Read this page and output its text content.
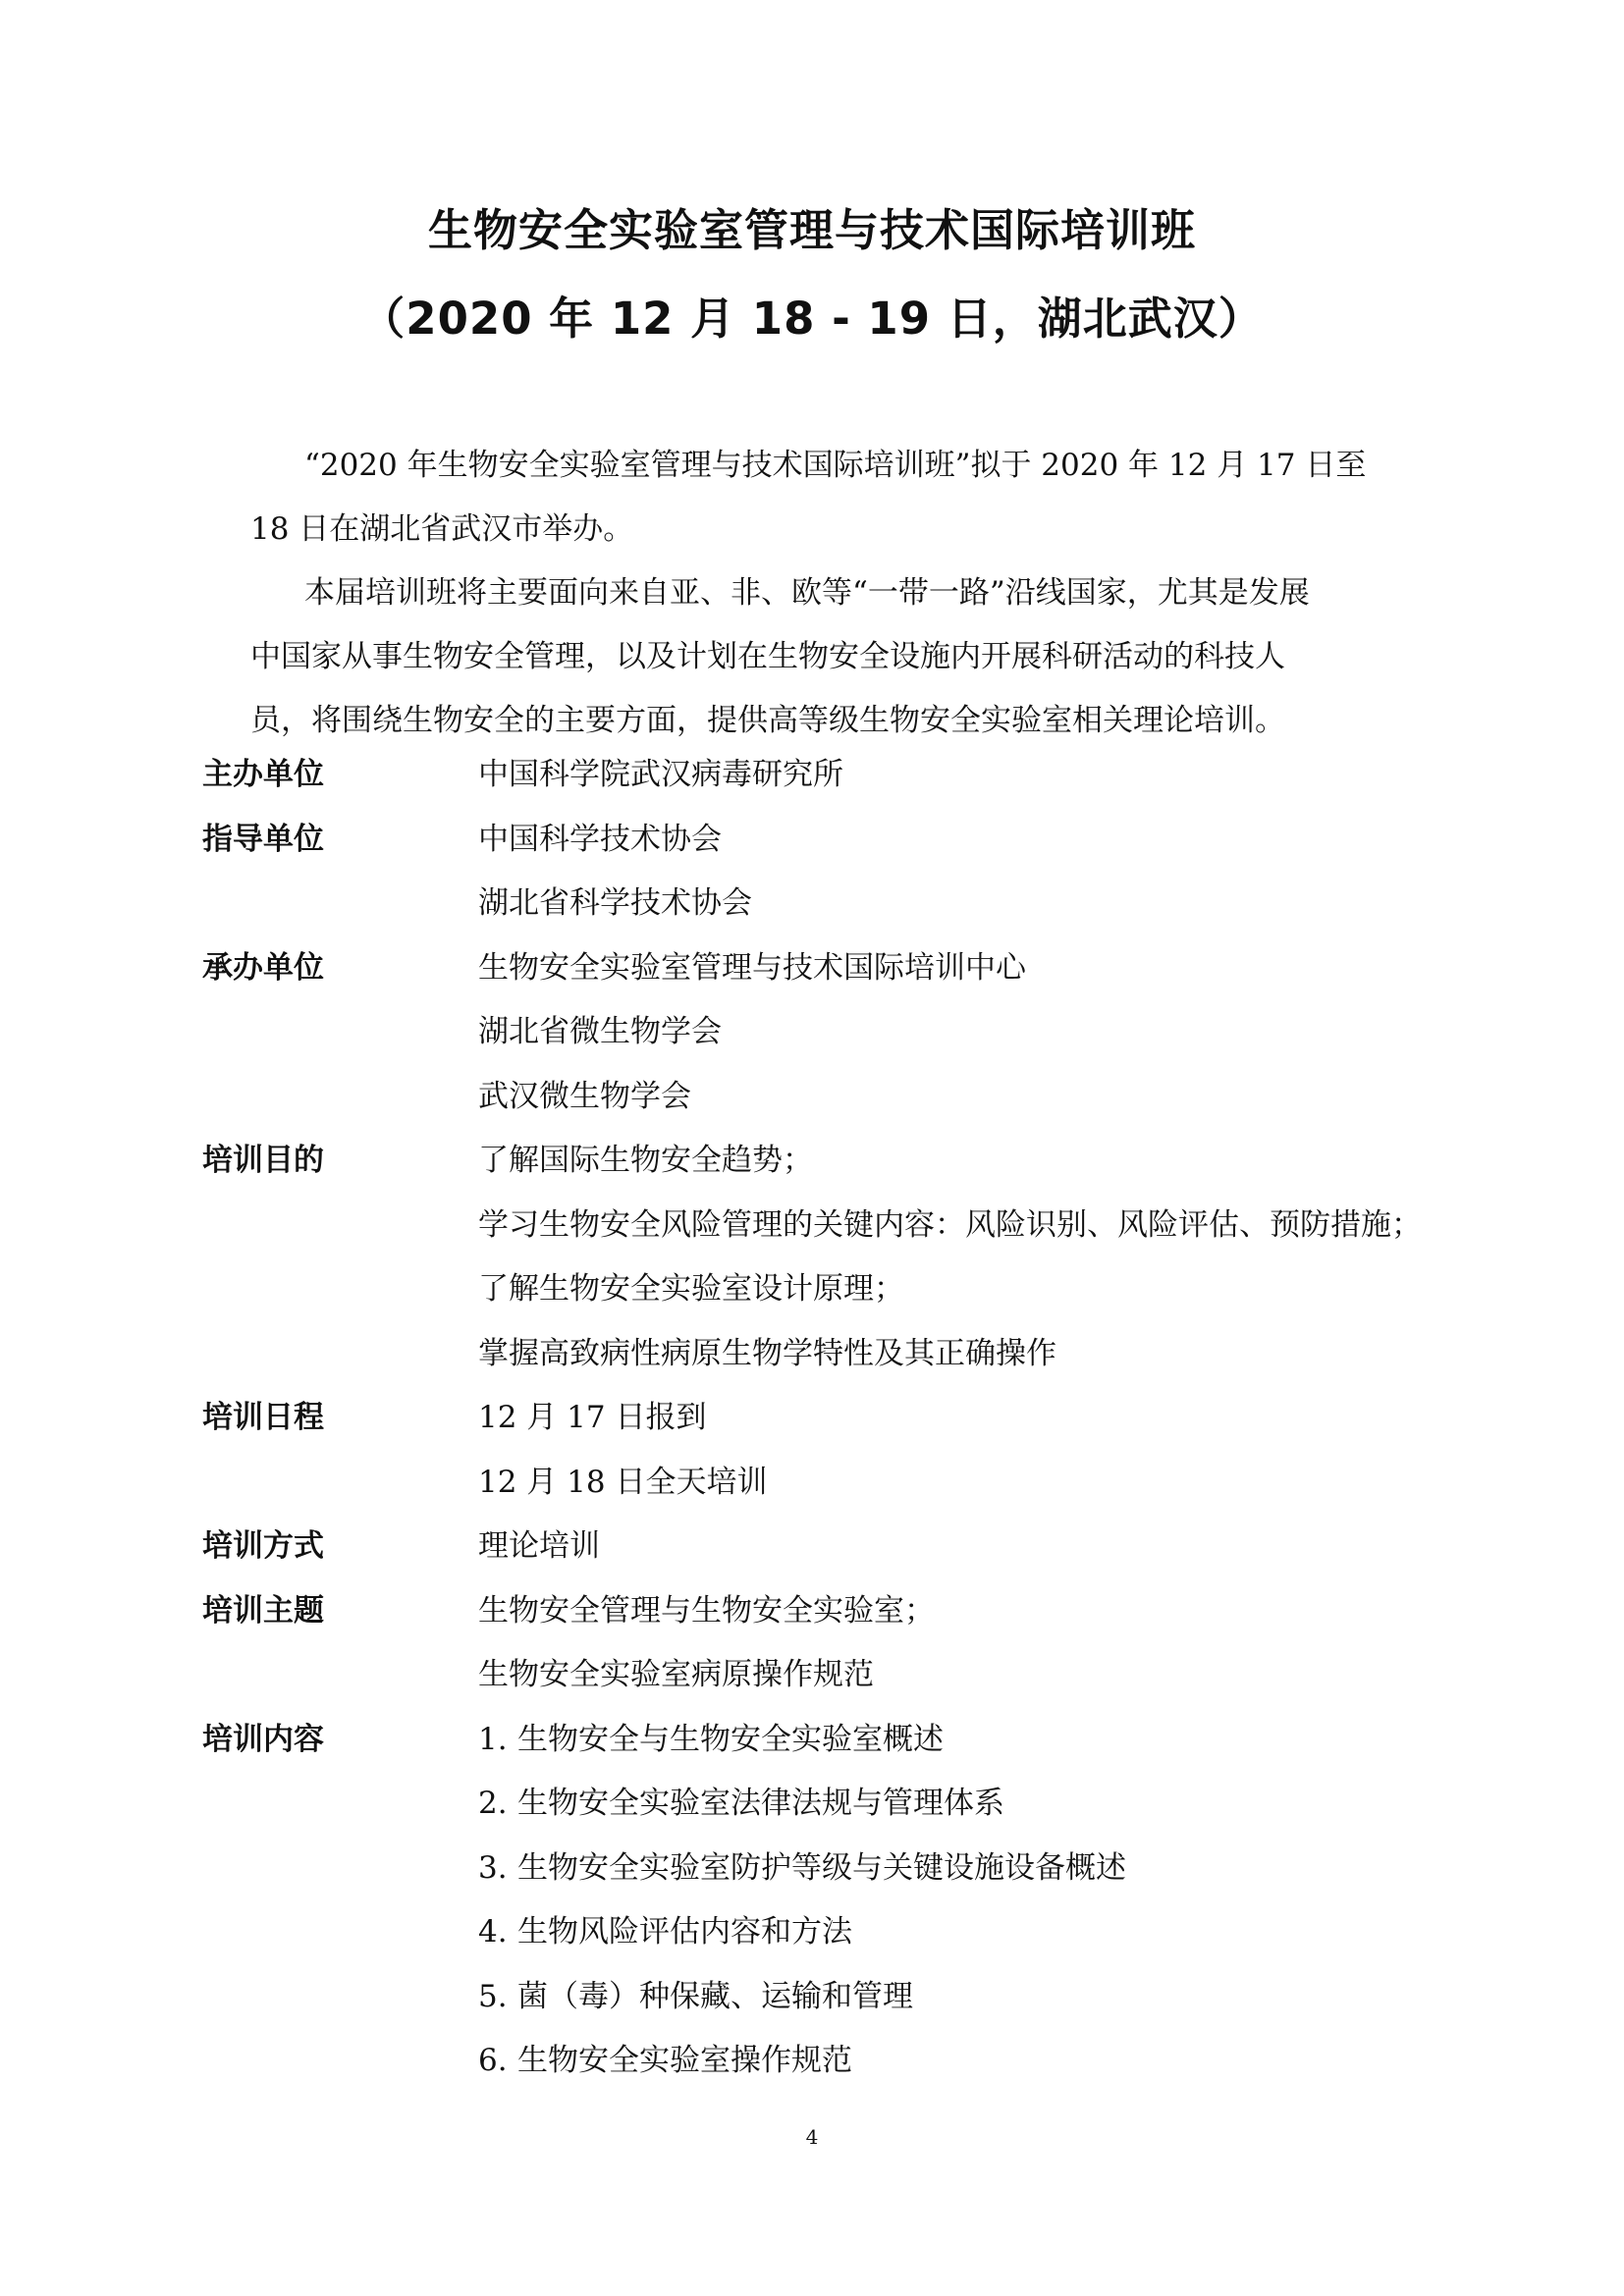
生物安全实验室管理与技术国际培训班
（2020 年 12 月 18 - 19 日，湖北武汉）
“2020 年生物安全实验室管理与技术国际培训班”拟于 2020 年 12 月 17 日至
18 日在湖北省武汉市举办。
本届培训班将主要面向来自亚、非、欧等“一带一路”沿线国家，尤其是发展
中国家从事生物安全管理，以及计划在生物安全设施内开展科研活动的科技人
员，将围绕生物安全的主要方面，提供高等级生物安全实验室相关理论培训。
主办单位	中国科学院武汉病毒研究所
指导单位	中国科学技术协会
湖北省科学技术协会
承办单位	生物安全实验室管理与技术国际培训中心
湖北省微生物学会
武汉微生物学会
培训目的	了解国际生物安全趋势；
学习生物安全风险管理的关键内容：风险识别、风险评估、预防措施；
了解生物安全实验室设计原理；
掌握高致病性病原生物学特性及其正确操作
培训日程	12 月 17 日报到
12 月 18 日全天培训
培训方式	理论培训
培训主题	生物安全管理与生物安全实验室；
生物安全实验室病原操作规范
培训内容	1. 生物安全与生物安全实验室概述
2. 生物安全实验室法律法规与管理体系
3. 生物安全实验室防护等级与关键设施设备概述
4. 生物风险评估内容和方法
5. 菌（毒）种保藏、运输和管理
6. 生物安全实验室操作规范
4
